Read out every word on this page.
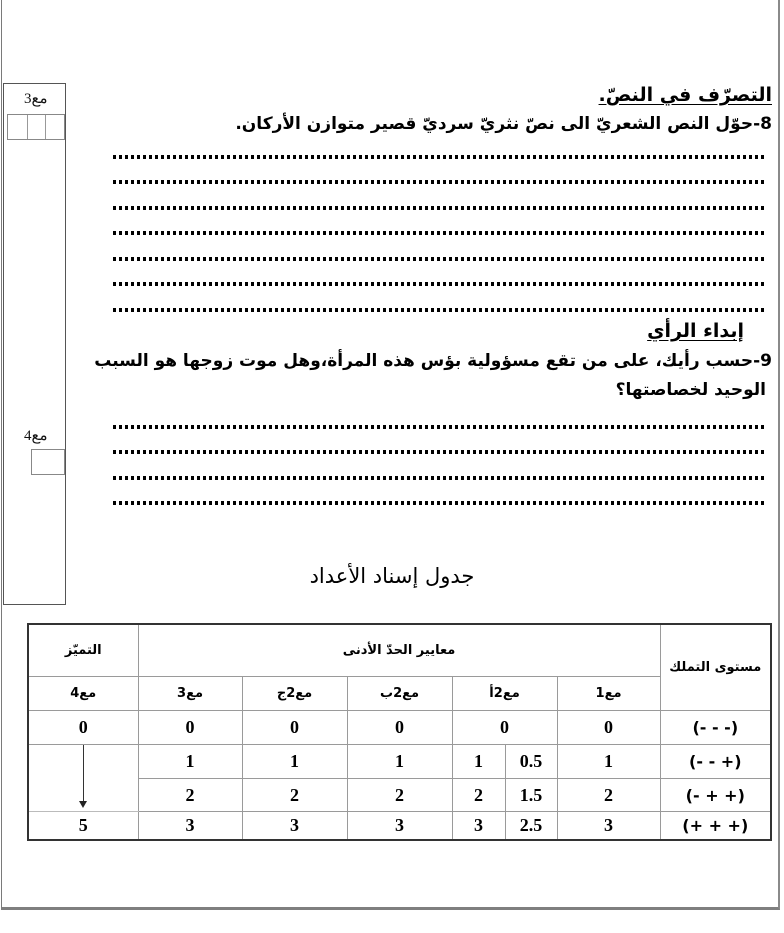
مع3
مع4
التصرّف في النصّ.
8-حوّل النص الشعريّ الى نصّ نثريّ سرديّ قصير متوازن الأركان.
إبداء الرأي
9-حسب رأيك، على من تقع مسؤولية بؤس هذه المرأة،وهل موت زوجها هو السبب
الوحيد لخصاصتها؟
جدول إسناد الأعداد
مستوى التملك	معايير الحدّ الأدنى						التميّز
	مع1	مع2أ		مع2ب	مع2ج	مع3	مع4
(- - -)	0	0		0	0	0	0
(+ - -)	1	0.5	1	1	1	1	

(+ + -)	2	1.5	2	2	2	2	
(+ + +)	3	2.5	3	3	3	3	5
